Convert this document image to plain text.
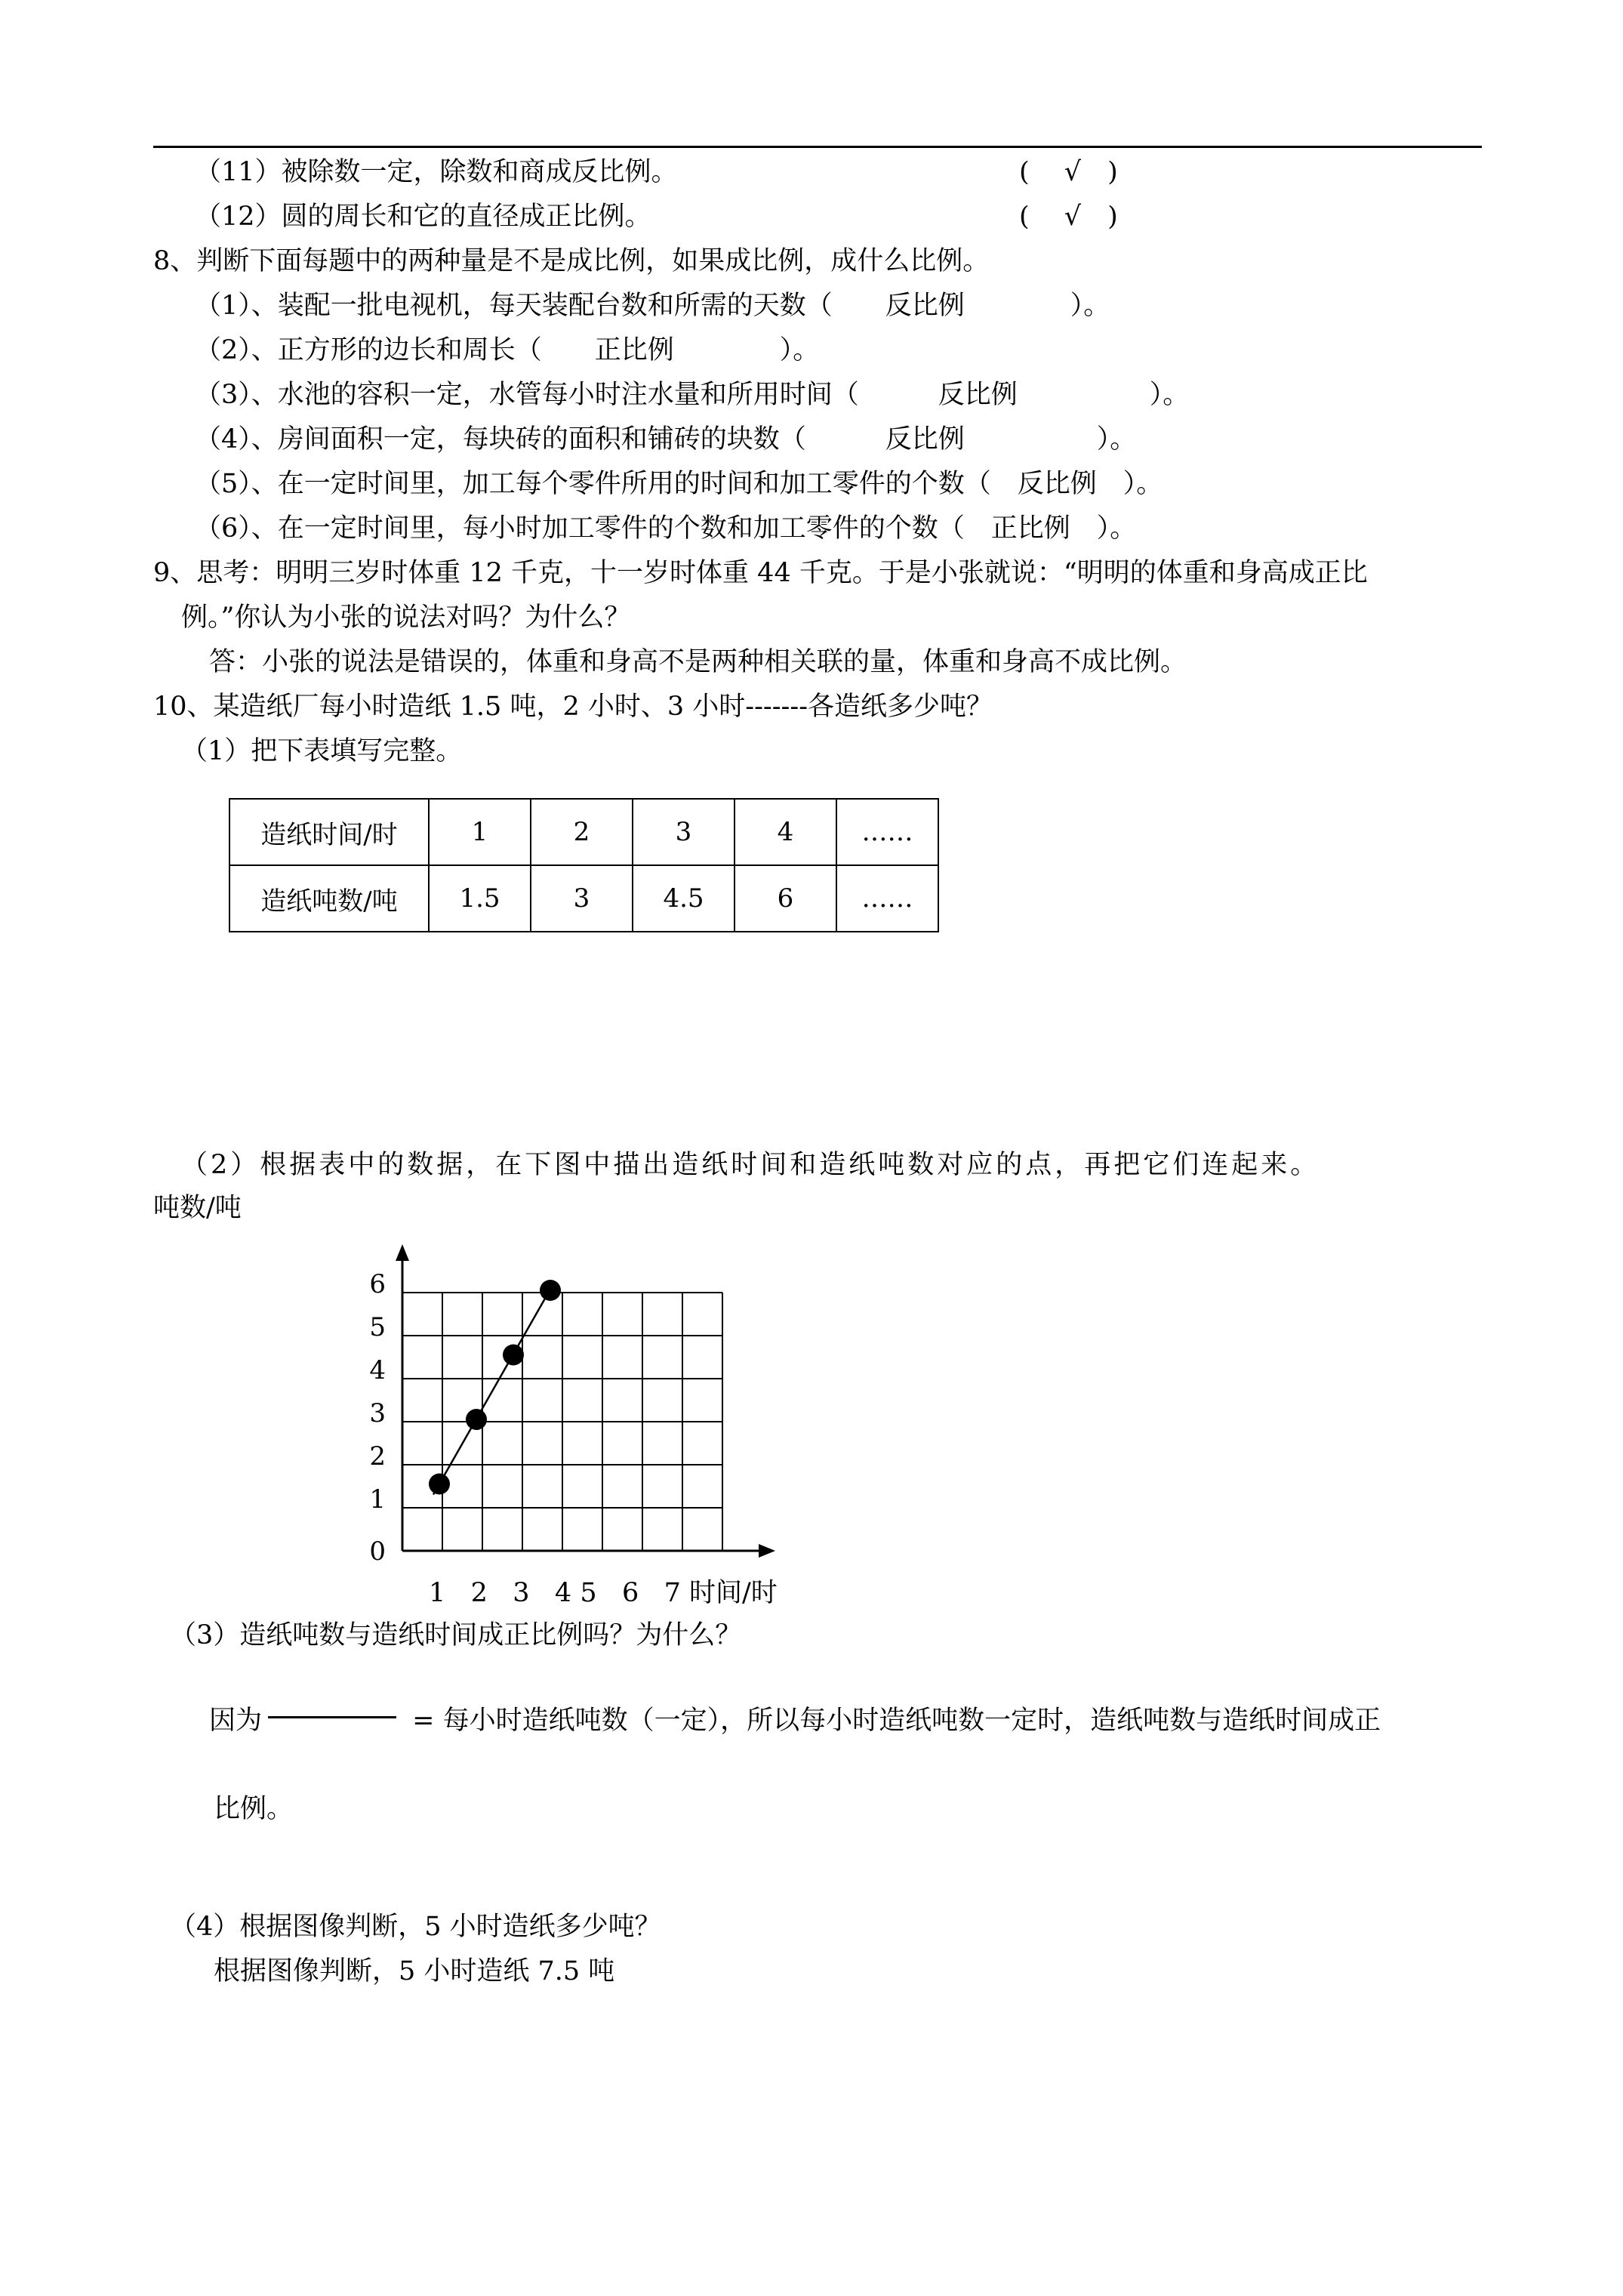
（11）被除数一定，除数和商成反比例。	(　 √　)
（12）圆的周长和它的直径成正比例。	(　 √　)
8、判断下面每题中的两种量是不是成比例，如果成比例，成什么比例。
（1）、装配一批电视机，每天装配台数和所需的天数（　　反比例　　　　）。
（2）、正方形的边长和周长（　　正比例　　　　）。
（3）、水池的容积一定，水管每小时注水量和所用时间（　　　反比例　　　　　）。
（4）、房间面积一定，每块砖的面积和铺砖的块数（　　　反比例　　　　　）。
（5）、在一定时间里，加工每个零件所用的时间和加工零件的个数（　反比例　）。
（6）、在一定时间里，每小时加工零件的个数和加工零件的个数（　正比例　）。
9、思考：明明三岁时体重 12 千克，十一岁时体重 44 千克。于是小张就说：“明明的体重和身高成正比
例。”你认为小张的说法对吗？为什么？
答：小张的说法是错误的，体重和身高不是两种相关联的量，体重和身高不成比例。
10、某造纸厂每小时造纸 1.5 吨，2 小时、3 小时-------各造纸多少吨？
（1）把下表填写完整。
造纸时间/时	1	2	3	4	……
造纸吨数/吨	1.5	3	4.5	6	……
（2）根据表中的数据，在下图中描出造纸时间和造纸吨数对应的点，再把它们连起来。
吨数/吨
0
1
2
3
4
5
6
1   2   3   4 5   6   7 时间/时
（3）造纸吨数与造纸时间成正比例吗？为什么？
因为	= 每小时造纸吨数（一定），所以每小时造纸吨数一定时，造纸吨数与造纸时间成正
比例。
（4）根据图像判断，5 小时造纸多少吨？
根据图像判断，5 小时造纸 7.5 吨
